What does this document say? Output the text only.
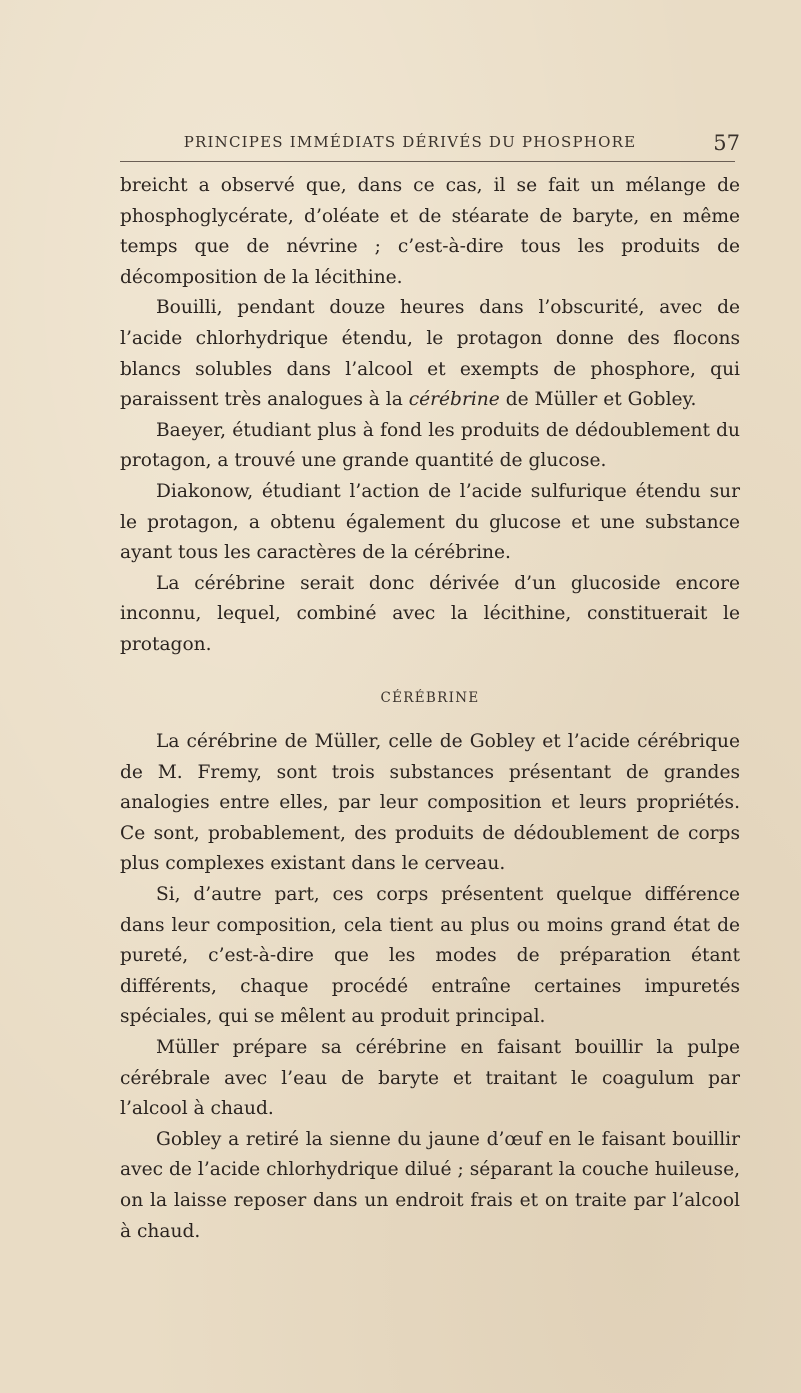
PRINCIPES IMMÉDIATS DÉRIVÉS DU PHOSPHORE	57

breicht a observé que, dans ce cas, il se fait un mélange de phosphoglycérate, d’oléate et de stéarate de baryte, en même temps que de névrine ; c’est-à-dire tous les produits de décomposition de la lécithine.

Bouilli, pendant douze heures dans l’obscurité, avec de l’acide chlorhydrique étendu, le protagon donne des flocons blancs solubles dans l’alcool et exempts de phosphore, qui paraissent très analogues à la cérébrine de Müller et Gobley.

Baeyer, étudiant plus à fond les produits de dédoublement du protagon, a trouvé une grande quantité de glucose.

Diakonow, étudiant l’action de l’acide sulfurique étendu sur le protagon, a obtenu également du glucose et une substance ayant tous les caractères de la cérébrine.

La cérébrine serait donc dérivée d’un glucoside encore inconnu, lequel, combiné avec la lécithine, constituerait le protagon.

CÉRÉBRINE

La cérébrine de Müller, celle de Gobley et l’acide cérébrique de M. Fremy, sont trois substances présentant de grandes analogies entre elles, par leur composition et leurs propriétés. Ce sont, probablement, des produits de dédoublement de corps plus complexes existant dans le cerveau.

Si, d’autre part, ces corps présentent quelque différence dans leur composition, cela tient au plus ou moins grand état de pureté, c’est-à-dire que les modes de préparation étant différents, chaque procédé entraîne certaines impuretés spéciales, qui se mêlent au produit principal.

Müller prépare sa cérébrine en faisant bouillir la pulpe cérébrale avec l’eau de baryte et traitant le coagulum par l’alcool à chaud.

Gobley a retiré la sienne du jaune d’œuf en le faisant bouillir avec de l’acide chlorhydrique dilué ; séparant la couche huileuse, on la laisse reposer dans un endroit frais et on traite par l’alcool à chaud.
